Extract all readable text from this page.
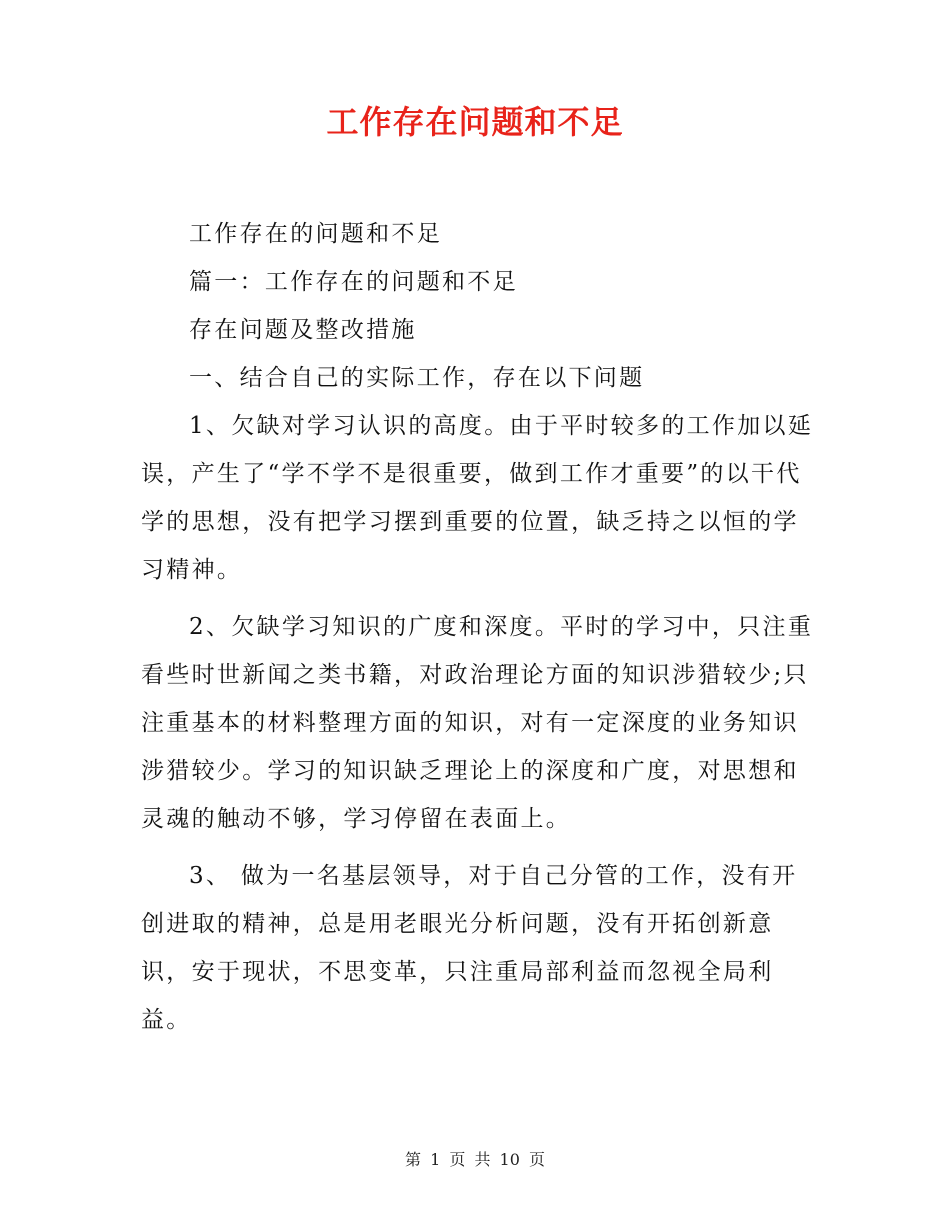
工作存在问题和不足

工作存在的问题和不足

篇一：工作存在的问题和不足

存在问题及整改措施

一、结合自己的实际工作，存在以下问题

1、欠缺对学习认识的高度。由于平时较多的工作加以延误，产生了“学不学不是很重要，做到工作才重要”的以干代学的思想，没有把学习摆到重要的位置，缺乏持之以恒的学习精神。

2、欠缺学习知识的广度和深度。平时的学习中，只注重看些时世新闻之类书籍，对政治理论方面的知识涉猎较少;只注重基本的材料整理方面的知识，对有一定深度的业务知识涉猎较少。学习的知识缺乏理论上的深度和广度，对思想和灵魂的触动不够，学习停留在表面上。

3、 做为一名基层领导，对于自己分管的工作，没有开创进取的精神，总是用老眼光分析问题，没有开拓创新意识，安于现状，不思变革，只注重局部利益而忽视全局利益。

第 1 页 共 10 页
